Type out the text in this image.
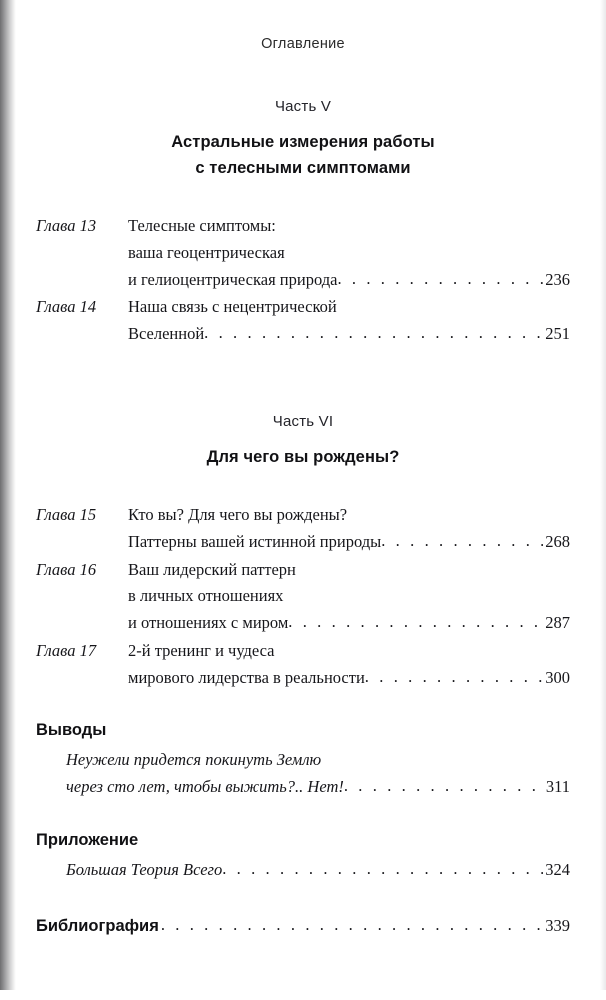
Оглавление
Часть V
Астральные измерения работы
с телесными симптомами
Глава 13	Телесные симптомы:
ваша геоцентрическая
и гелиоцентрическая природа . . .	236
Глава 14	Наша связь с нецентрической
Вселенной . . .	251
Часть VI
Для чего вы рождены?
Глава 15	Кто вы? Для чего вы рождены?
Паттерны вашей истинной природы . . .	268
Глава 16	Ваш лидерский паттерн
в личных отношениях
и отношениях с миром . . .	287
Глава 17	2-й тренинг и чудеса
мирового лидерства в реальности . . .	300
Выводы
Неужели придется покинуть Землю
через сто лет, чтобы выжить?.. Нет! . . .	311
Приложение
Большая Теория Всего . . .	324
Библиография . . .	339
